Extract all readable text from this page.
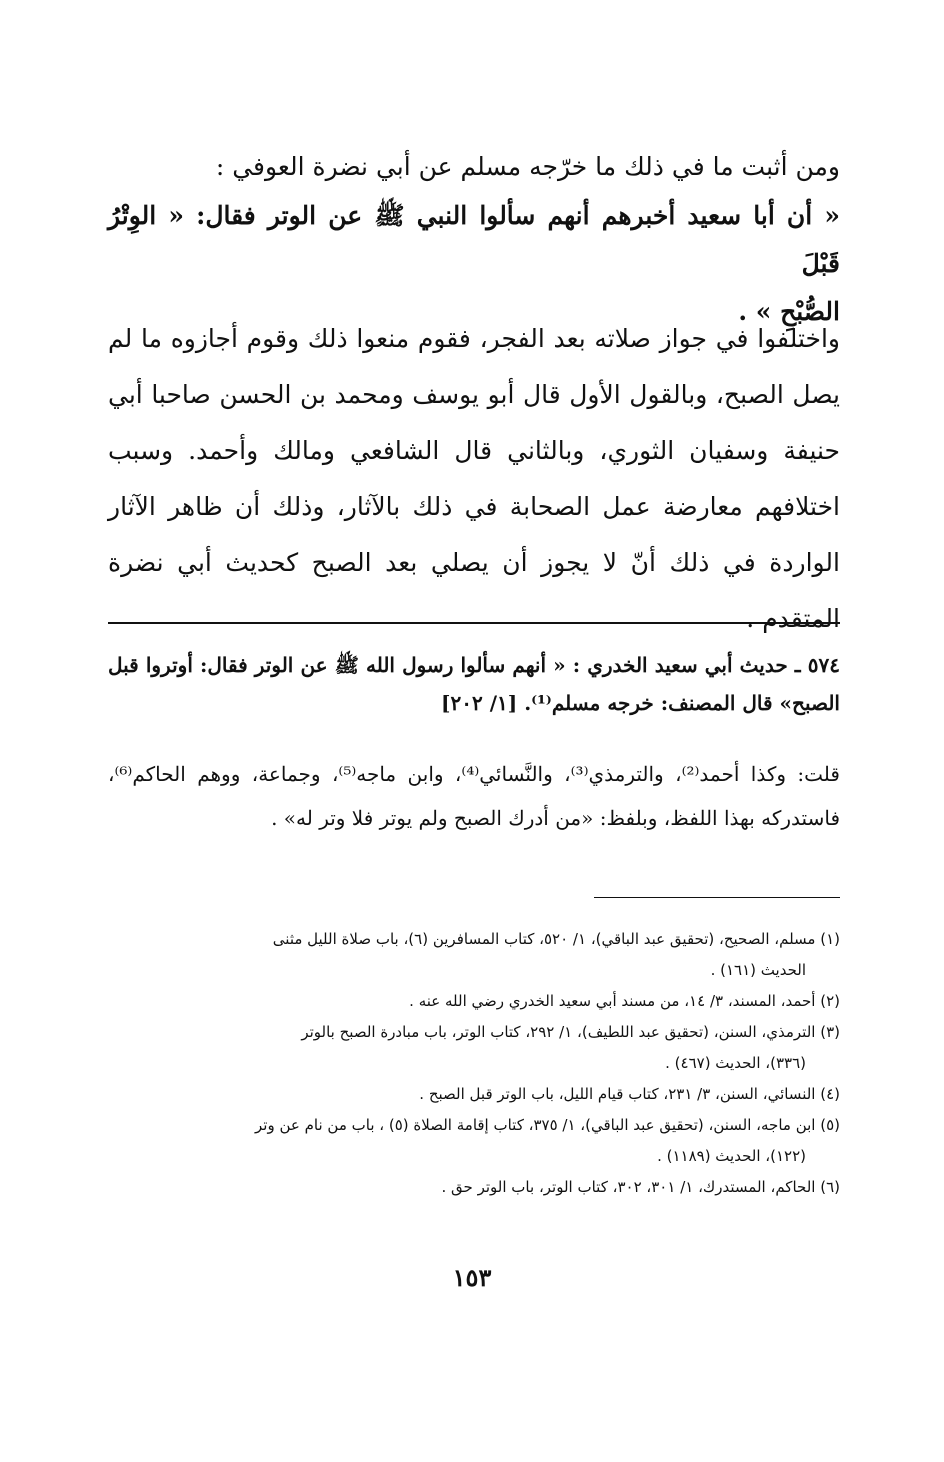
ومن أثبت ما في ذلك ما خرّجه مسلم عن أبي نضرة العوفي :

« أن أبا سعيد أخبرهم أنهم سألوا النبي ﷺ عن الوتر فقال: « الوِتْرُ قَبْلَ
الصُّبْحِ » .

واختلفوا في جواز صلاته بعد الفجر، فقوم منعوا ذلك وقوم أجازوه ما لم يصل الصبح، وبالقول الأول قال أبو يوسف ومحمد بن الحسن صاحبا أبي حنيفة وسفيان الثوري، وبالثاني قال الشافعي ومالك وأحمد. وسبب اختلافهم معارضة عمل الصحابة في ذلك بالآثار، وذلك أن ظاهر الآثار الواردة في ذلك أنّ لا يجوز أن يصلي بعد الصبح كحديث أبي نضرة المتقدم .

٥٧٤ ـ حديث أبي سعيد الخدري : « أنهم سألوا رسول الله ﷺ عن الوتر فقال: أوتروا قبل الصبح» قال المصنف: خرجه مسلم⁽¹⁾. [١/ ٢٠٢]

قلت: وكذا أحمد⁽²⁾، والترمذي⁽³⁾، والنَّسائي⁽⁴⁾، وابن ماجه⁽⁵⁾، وجماعة، ووهم الحاكم⁽⁶⁾، فاستدركه بهذا اللفظ، وبلفظ: «من أدرك الصبح ولم يوتر فلا وتر له» .

(١) مسلم، الصحيح، (تحقيق عبد الباقي)، ١/ ٥٢٠، كتاب المسافرين (٦)، باب صلاة الليل مثنى
الحديث (١٦١) .
(٢) أحمد، المسند، ٣/ ١٤، من مسند أبي سعيد الخدري رضي الله عنه .
(٣) الترمذي، السنن، (تحقيق عبد اللطيف)، ١/ ٢٩٢، كتاب الوتر، باب مبادرة الصبح بالوتر
(٣٣٦)، الحديث (٤٦٧) .
(٤) النسائي، السنن، ٣/ ٢٣١، كتاب قيام الليل، باب الوتر قبل الصبح .
(٥) ابن ماجه، السنن، (تحقيق عبد الباقي)، ١/ ٣٧٥، كتاب إقامة الصلاة (٥) ، باب من نام عن وتر
(١٢٢)، الحديث (١١٨٩) .
(٦) الحاكم، المستدرك، ١/ ٣٠١، ٣٠٢، كتاب الوتر، باب الوتر حق .
١٥٣
